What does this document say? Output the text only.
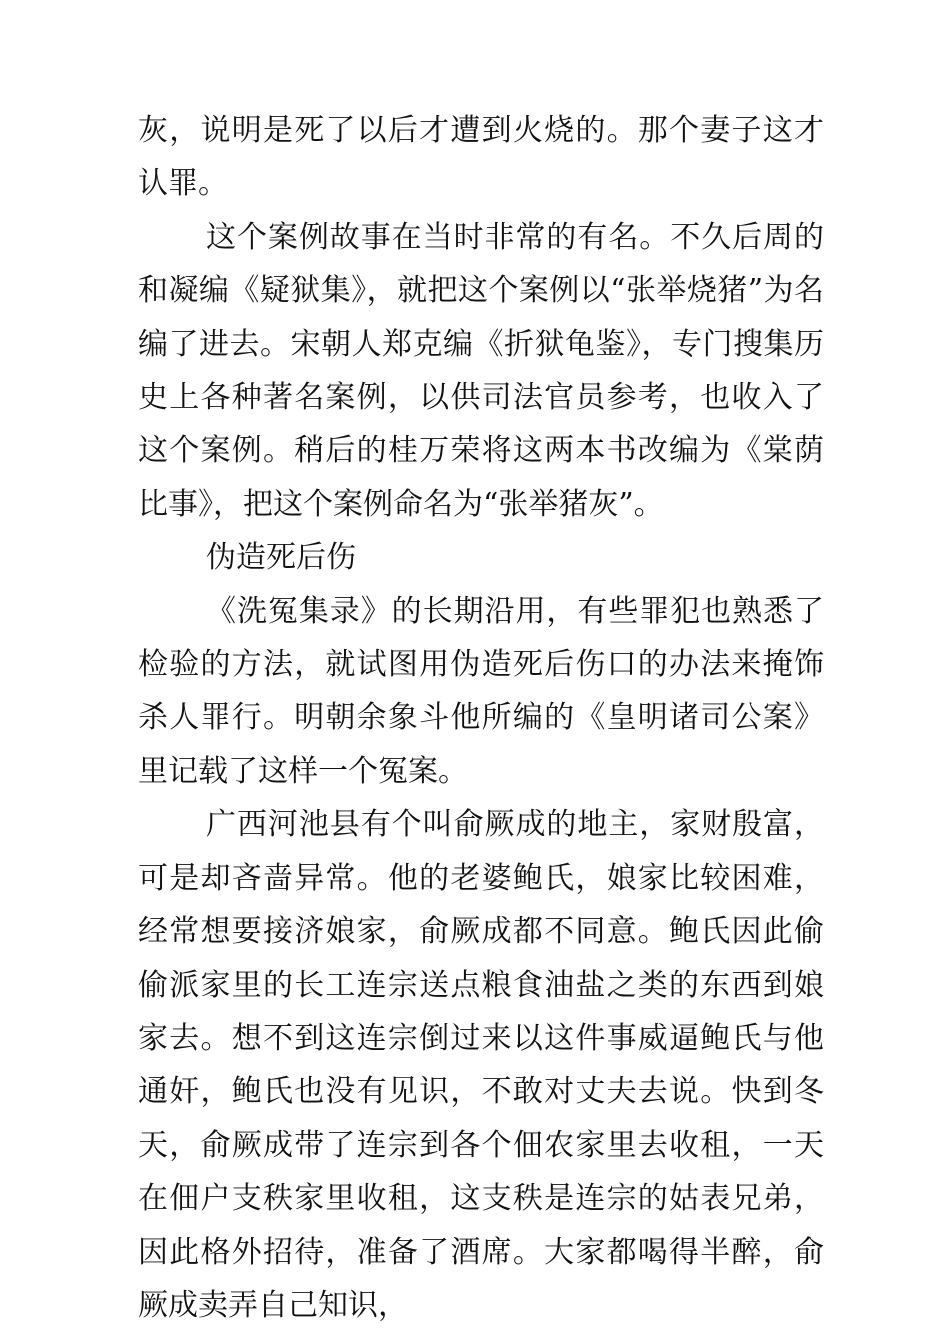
灰，说明是死了以后才遭到火烧的。那个妻子这才认罪。

这个案例故事在当时非常的有名。不久后周的和凝编《疑狱集》，就把这个案例以“张举烧猪”为名编了进去。宋朝人郑克编《折狱龟鉴》，专门搜集历史上各种著名案例，以供司法官员参考，也收入了这个案例。稍后的桂万荣将这两本书改编为《棠荫比事》，把这个案例命名为“张举猪灰”。

伪造死后伤

《洗冤集录》的长期沿用，有些罪犯也熟悉了检验的方法，就试图用伪造死后伤口的办法来掩饰杀人罪行。明朝余象斗他所编的《皇明诸司公案》里记载了这样一个冤案。

广西河池县有个叫俞厥成的地主，家财殷富，可是却吝啬异常。他的老婆鲍氏，娘家比较困难，经常想要接济娘家，俞厥成都不同意。鲍氏因此偷偷派家里的长工连宗送点粮食油盐之类的东西到娘家去。想不到这连宗倒过来以这件事威逼鲍氏与他通奸，鲍氏也没有见识，不敢对丈夫去说。快到冬天，俞厥成带了连宗到各个佃农家里去收租，一天在佃户支秩家里收租，这支秩是连宗的姑表兄弟，因此格外招待，准备了酒席。大家都喝得半醉，俞厥成卖弄自己知识，
